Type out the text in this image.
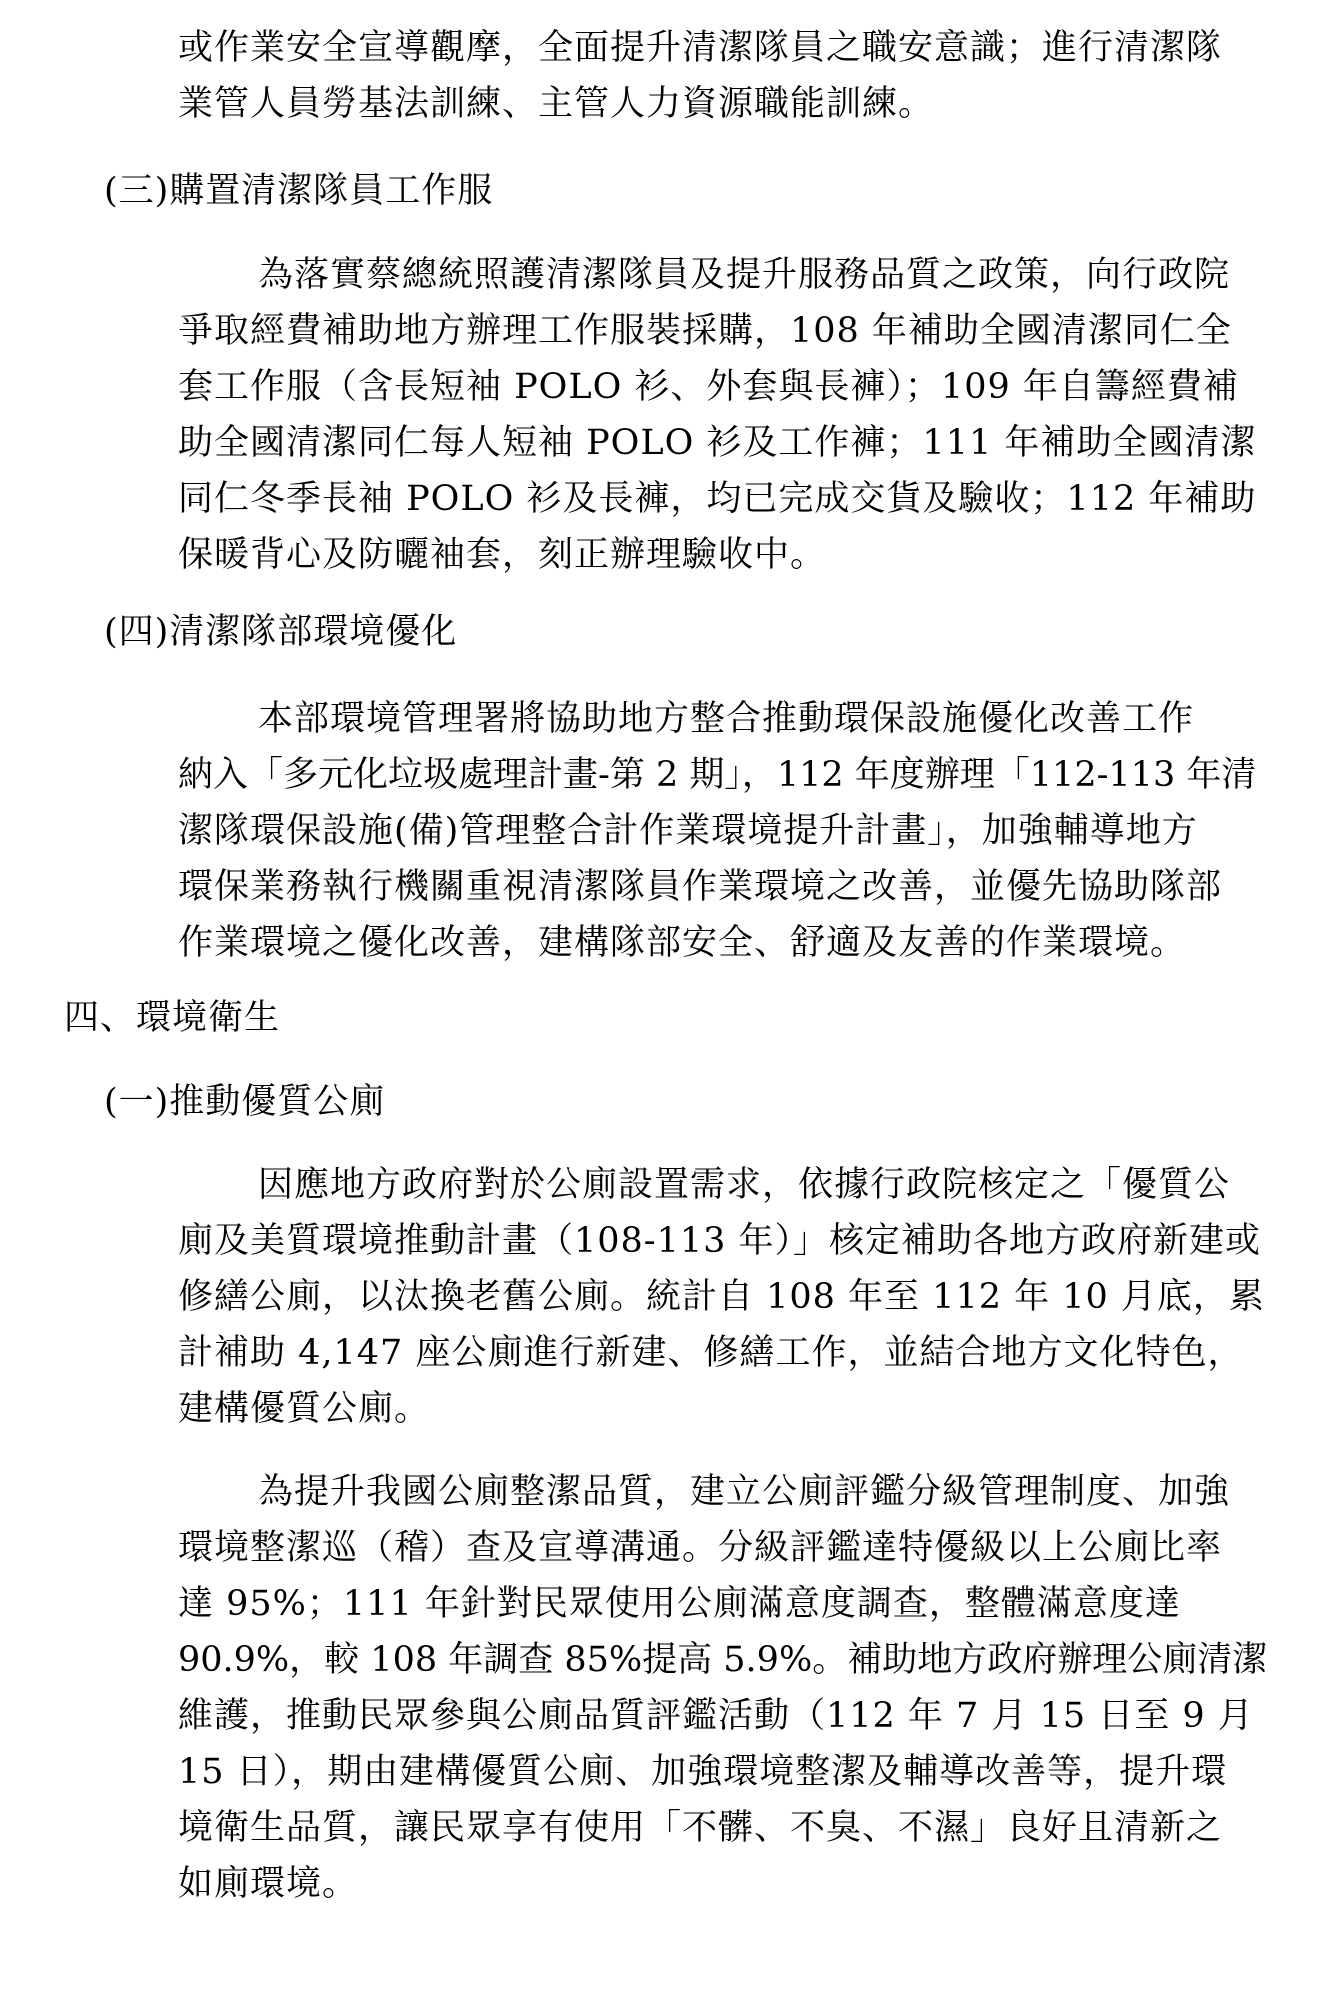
或作業安全宣導觀摩，全面提升清潔隊員之職安意識；進行清潔隊
業管人員勞基法訓練、主管人力資源職能訓練。
(三)購置清潔隊員工作服
為落實蔡總統照護清潔隊員及提升服務品質之政策，向行政院
爭取經費補助地方辦理工作服裝採購，108 年補助全國清潔同仁全
套工作服（含長短袖 POLO 衫、外套與長褲）；109 年自籌經費補
助全國清潔同仁每人短袖 POLO 衫及工作褲；111 年補助全國清潔
同仁冬季長袖 POLO 衫及長褲，均已完成交貨及驗收；112 年補助
保暖背心及防曬袖套，刻正辦理驗收中。
(四)清潔隊部環境優化
本部環境管理署將協助地方整合推動環保設施優化改善工作
納入「多元化垃圾處理計畫-第 2 期」，112 年度辦理「112-113 年清
潔隊環保設施(備)管理整合計作業環境提升計畫」，加強輔導地方
環保業務執行機關重視清潔隊員作業環境之改善，並優先協助隊部
作業環境之優化改善，建構隊部安全、舒適及友善的作業環境。
四、環境衛生
(一)推動優質公廁
因應地方政府對於公廁設置需求，依據行政院核定之「優質公
廁及美質環境推動計畫（108-113 年）」核定補助各地方政府新建或
修繕公廁，以汰換老舊公廁。統計自 108 年至 112 年 10 月底，累
計補助 4,147 座公廁進行新建、修繕工作，並結合地方文化特色，
建構優質公廁。
為提升我國公廁整潔品質，建立公廁評鑑分級管理制度、加強
環境整潔巡（稽）查及宣導溝通。分級評鑑達特優級以上公廁比率
達 95%；111 年針對民眾使用公廁滿意度調查，整體滿意度達
90.9%，較 108 年調查 85%提高 5.9%。補助地方政府辦理公廁清潔
維護，推動民眾參與公廁品質評鑑活動（112 年 7 月 15 日至 9 月
15 日），期由建構優質公廁、加強環境整潔及輔導改善等，提升環
境衛生品質，讓民眾享有使用「不髒、不臭、不濕」良好且清新之
如廁環境。
